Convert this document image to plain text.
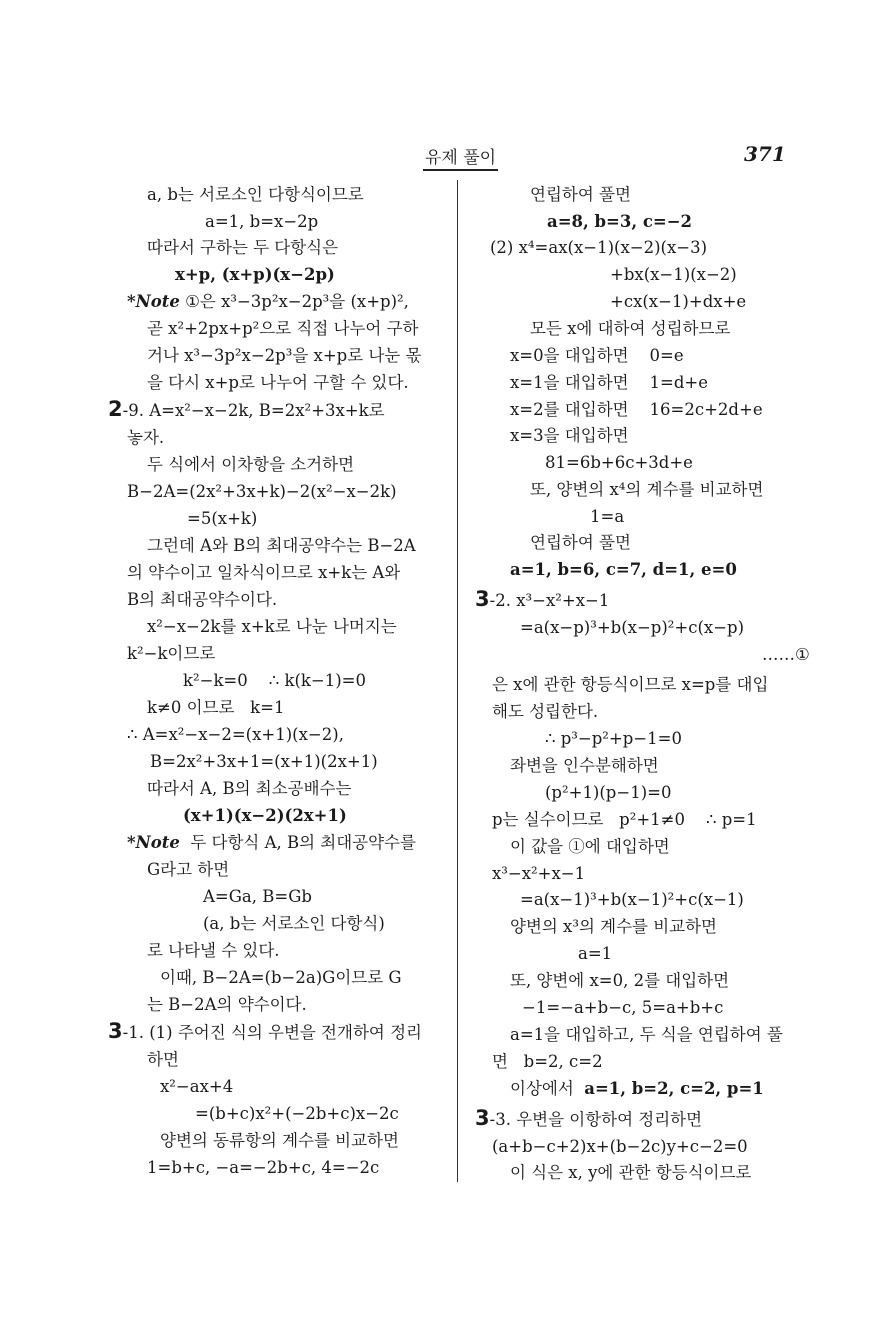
유제 풀이	371
a, b는 서로소인 다항식이므로
a=1, b=x−2p
따라서 구하는 두 다항식은
x+p, (x+p)(x−2p)
*Note ①은 x³−3p²x−2p³을 (x+p)²,
곧 x²+2px+p²으로 직접 나누어 구하
거나 x³−3p²x−2p³을 x+p로 나눈 몫
을 다시 x+p로 나누어 구할 수 있다.
2-9. A=x²−x−2k, B=2x²+3x+k로
놓자.
두 식에서 이차항을 소거하면
B−2A=(2x²+3x+k)−2(x²−x−2k)
=5(x+k)
그런데 A와 B의 최대공약수는 B−2A
의 약수이고 일차식이므로 x+k는 A와
B의 최대공약수이다.
x²−x−2k를 x+k로 나눈 나머지는
k²−k이므로
k²−k=0    ∴ k(k−1)=0
k≠0 이므로   k=1
∴ A=x²−x−2=(x+1)(x−2),
B=2x²+3x+1=(x+1)(2x+1)
따라서 A, B의 최소공배수는
(x+1)(x−2)(2x+1)
*Note  두 다항식 A, B의 최대공약수를
G라고 하면
A=Ga, B=Gb
(a, b는 서로소인 다항식)
로 나타낼 수 있다.
이때, B−2A=(b−2a)G이므로 G
는 B−2A의 약수이다.
3-1. (1) 주어진 식의 우변을 전개하여 정리
하면
x²−ax+4
=(b+c)x²+(−2b+c)x−2c
양변의 동류항의 계수를 비교하면
1=b+c, −a=−2b+c, 4=−2c
연립하여 풀면
a=8, b=3, c=−2
(2) x⁴=ax(x−1)(x−2)(x−3)
+bx(x−1)(x−2)
+cx(x−1)+dx+e
모든 x에 대하여 성립하므로
x=0을 대입하면    0=e
x=1을 대입하면    1=d+e
x=2를 대입하면    16=2c+2d+e
x=3을 대입하면
81=6b+6c+3d+e
또, 양변의 x⁴의 계수를 비교하면
1=a
연립하여 풀면
a=1, b=6, c=7, d=1, e=0
3-2. x³−x²+x−1
=a(x−p)³+b(x−p)²+c(x−p)
……①
은 x에 관한 항등식이므로 x=p를 대입
해도 성립한다.
∴ p³−p²+p−1=0
좌변을 인수분해하면
(p²+1)(p−1)=0
p는 실수이므로   p²+1≠0    ∴ p=1
이 값을 ①에 대입하면
x³−x²+x−1
=a(x−1)³+b(x−1)²+c(x−1)
양변의 x³의 계수를 비교하면
a=1
또, 양변에 x=0, 2를 대입하면
−1=−a+b−c, 5=a+b+c
a=1을 대입하고, 두 식을 연립하여 풀
면   b=2, c=2
이상에서  a=1, b=2, c=2, p=1
3-3. 우변을 이항하여 정리하면
(a+b−c+2)x+(b−2c)y+c−2=0
이 식은 x, y에 관한 항등식이므로
